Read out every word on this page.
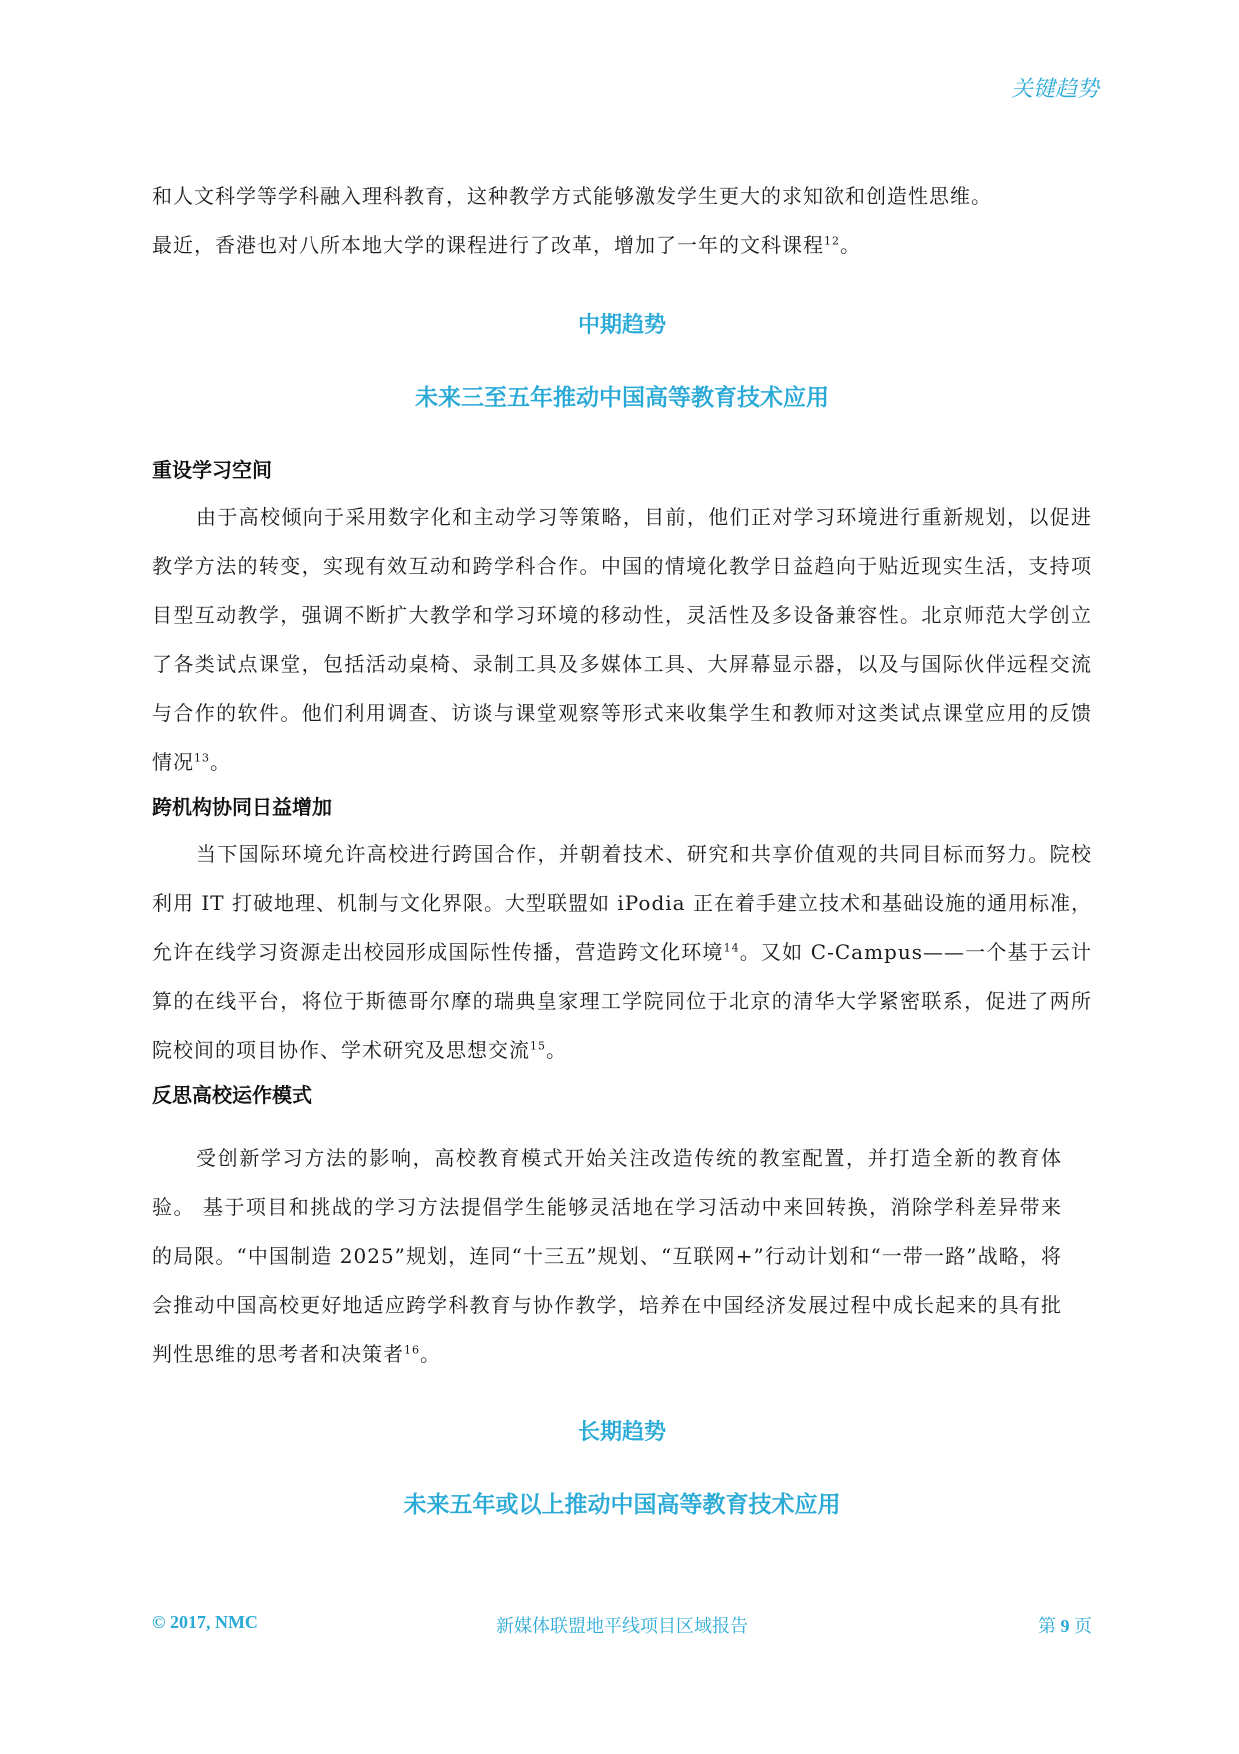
关键趋势

和人文科学等学科融入理科教育，这种教学方式能够激发学生更大的求知欲和创造性思维。
最近，香港也对八所本地大学的课程进行了改革，增加了一年的文科课程$^{12}$。

中期趋势
未来三至五年推动中国高等教育技术应用
重设学习空间

由于高校倾向于采用数字化和主动学习等策略，目前，他们正对学习环境进行重新规划，以促进教学方法的转变，实现有效互动和跨学科合作。中国的情境化教学日益趋向于贴近现实生活，支持项目型互动教学，强调不断扩大教学和学习环境的移动性，灵活性及多设备兼容性。北京师范大学创立了各类试点课堂，包括活动桌椅、录制工具及多媒体工具、大屏幕显示器，以及与国际伙伴远程交流与合作的软件。他们利用调查、访谈与课堂观察等形式来收集学生和教师对这类试点课堂应用的反馈情况$^{13}$。

跨机构协同日益增加

当下国际环境允许高校进行跨国合作，并朝着技术、研究和共享价值观的共同目标而努力。院校利用 IT 打破地理、机制与文化界限。大型联盟如 iPodia 正在着手建立技术和基础设施的通用标准，允许在线学习资源走出校园形成国际性传播，营造跨文化环境$^{14}$。又如 C-Campus——一个基于云计算的在线平台，将位于斯德哥尔摩的瑞典皇家理工学院同位于北京的清华大学紧密联系，促进了两所院校间的项目协作、学术研究及思想交流$^{15}$。

反思高校运作模式

受创新学习方法的影响，高校教育模式开始关注改造传统的教室配置，并打造全新的教育体验。 基于项目和挑战的学习方法提倡学生能够灵活地在学习活动中来回转换，消除学科差异带来的局限。“中国制造 2025”规划，连同“十三五”规划、“互联网+”行动计划和“一带一路”战略，将会推动中国高校更好地适应跨学科教育与协作教学，培养在中国经济发展过程中成长起来的具有批判性思维的思考者和决策者$^{16}$。

长期趋势
未来五年或以上推动中国高等教育技术应用
© 2017, NMC	新媒体联盟地平线项目区域报告	第 9 页
